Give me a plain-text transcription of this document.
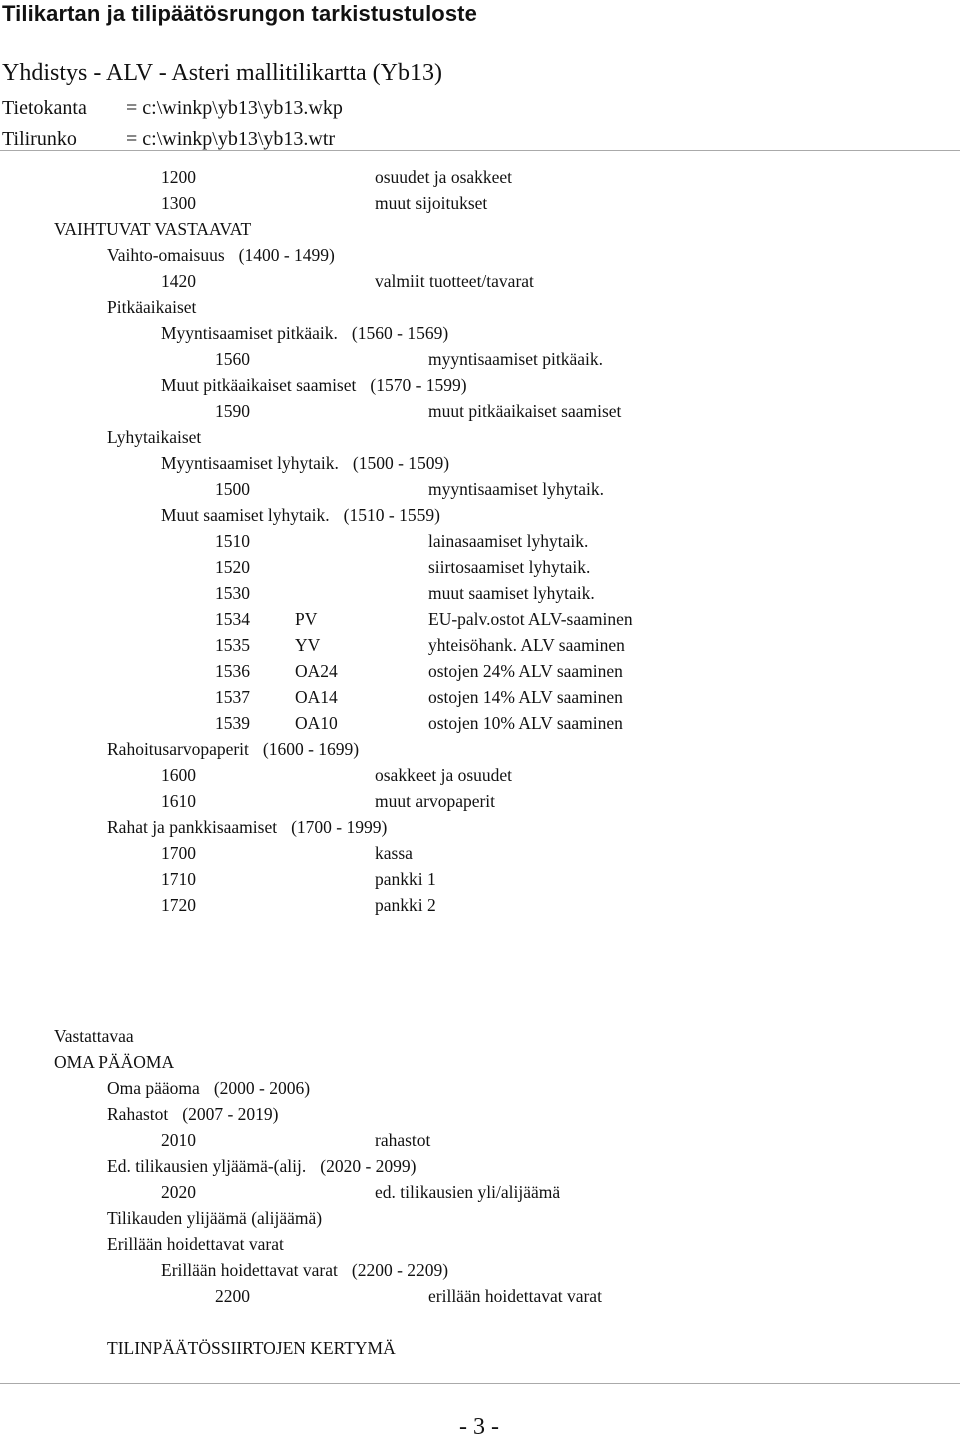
Tilikartan ja tilipäätösrungon tarkistustuloste
Yhdistys - ALV - Asteri mallitilikartta (Yb13)
Tietokanta = c:\winkp\yb13\yb13.wkp
Tilirunko = c:\winkp\yb13\yb13.wtr
1200	osuudet ja osakkeet
1300	muut sijoitukset
VAIHTUVAT VASTAAVAT
Vaihto-omaisuus (1400 - 1499)
1420	valmiit tuotteet/tavarat
Pitkäaikaiset
Myyntisaamiset pitkäaik. (1560 - 1569)
1560	myyntisaamiset pitkäaik.
Muut pitkäaikaiset saamiset (1570 - 1599)
1590	muut pitkäaikaiset saamiset
Lyhytaikaiset
Myyntisaamiset lyhytaik. (1500 - 1509)
1500	myyntisaamiset lyhytaik.
Muut saamiset lyhytaik. (1510 - 1559)
1510	lainasaamiset lyhytaik.
1520	siirtosaamiset lyhytaik.
1530	muut saamiset lyhytaik.
1534	PV	EU-palv.ostot ALV-saaminen
1535	YV	yhteisöhank. ALV saaminen
1536	OA24	ostojen 24% ALV saaminen
1537	OA14	ostojen 14% ALV saaminen
1539	OA10	ostojen 10% ALV saaminen
Rahoitusarvopaperit (1600 - 1699)
1600	osakkeet ja osuudet
1610	muut arvopaperit
Rahat ja pankkisaamiset (1700 - 1999)
1700	kassa
1710	pankki 1
1720	pankki 2
Vastattavaa
OMA PÄÄOMA
Oma pääoma (2000 - 2006)
Rahastot (2007 - 2019)
2010	rahastot
Ed. tilikausien yljäämä-(alij. (2020 - 2099)
2020	ed. tilikausien yli/alijäämä
Tilikauden ylijäämä (alijäämä)
Erillään hoidettavat varat
Erillään hoidettavat varat (2200 - 2209)
2200	erillään hoidettavat varat
TILINPÄÄTÖSSIIRTOJEN KERTYMÄ
- 3 -
